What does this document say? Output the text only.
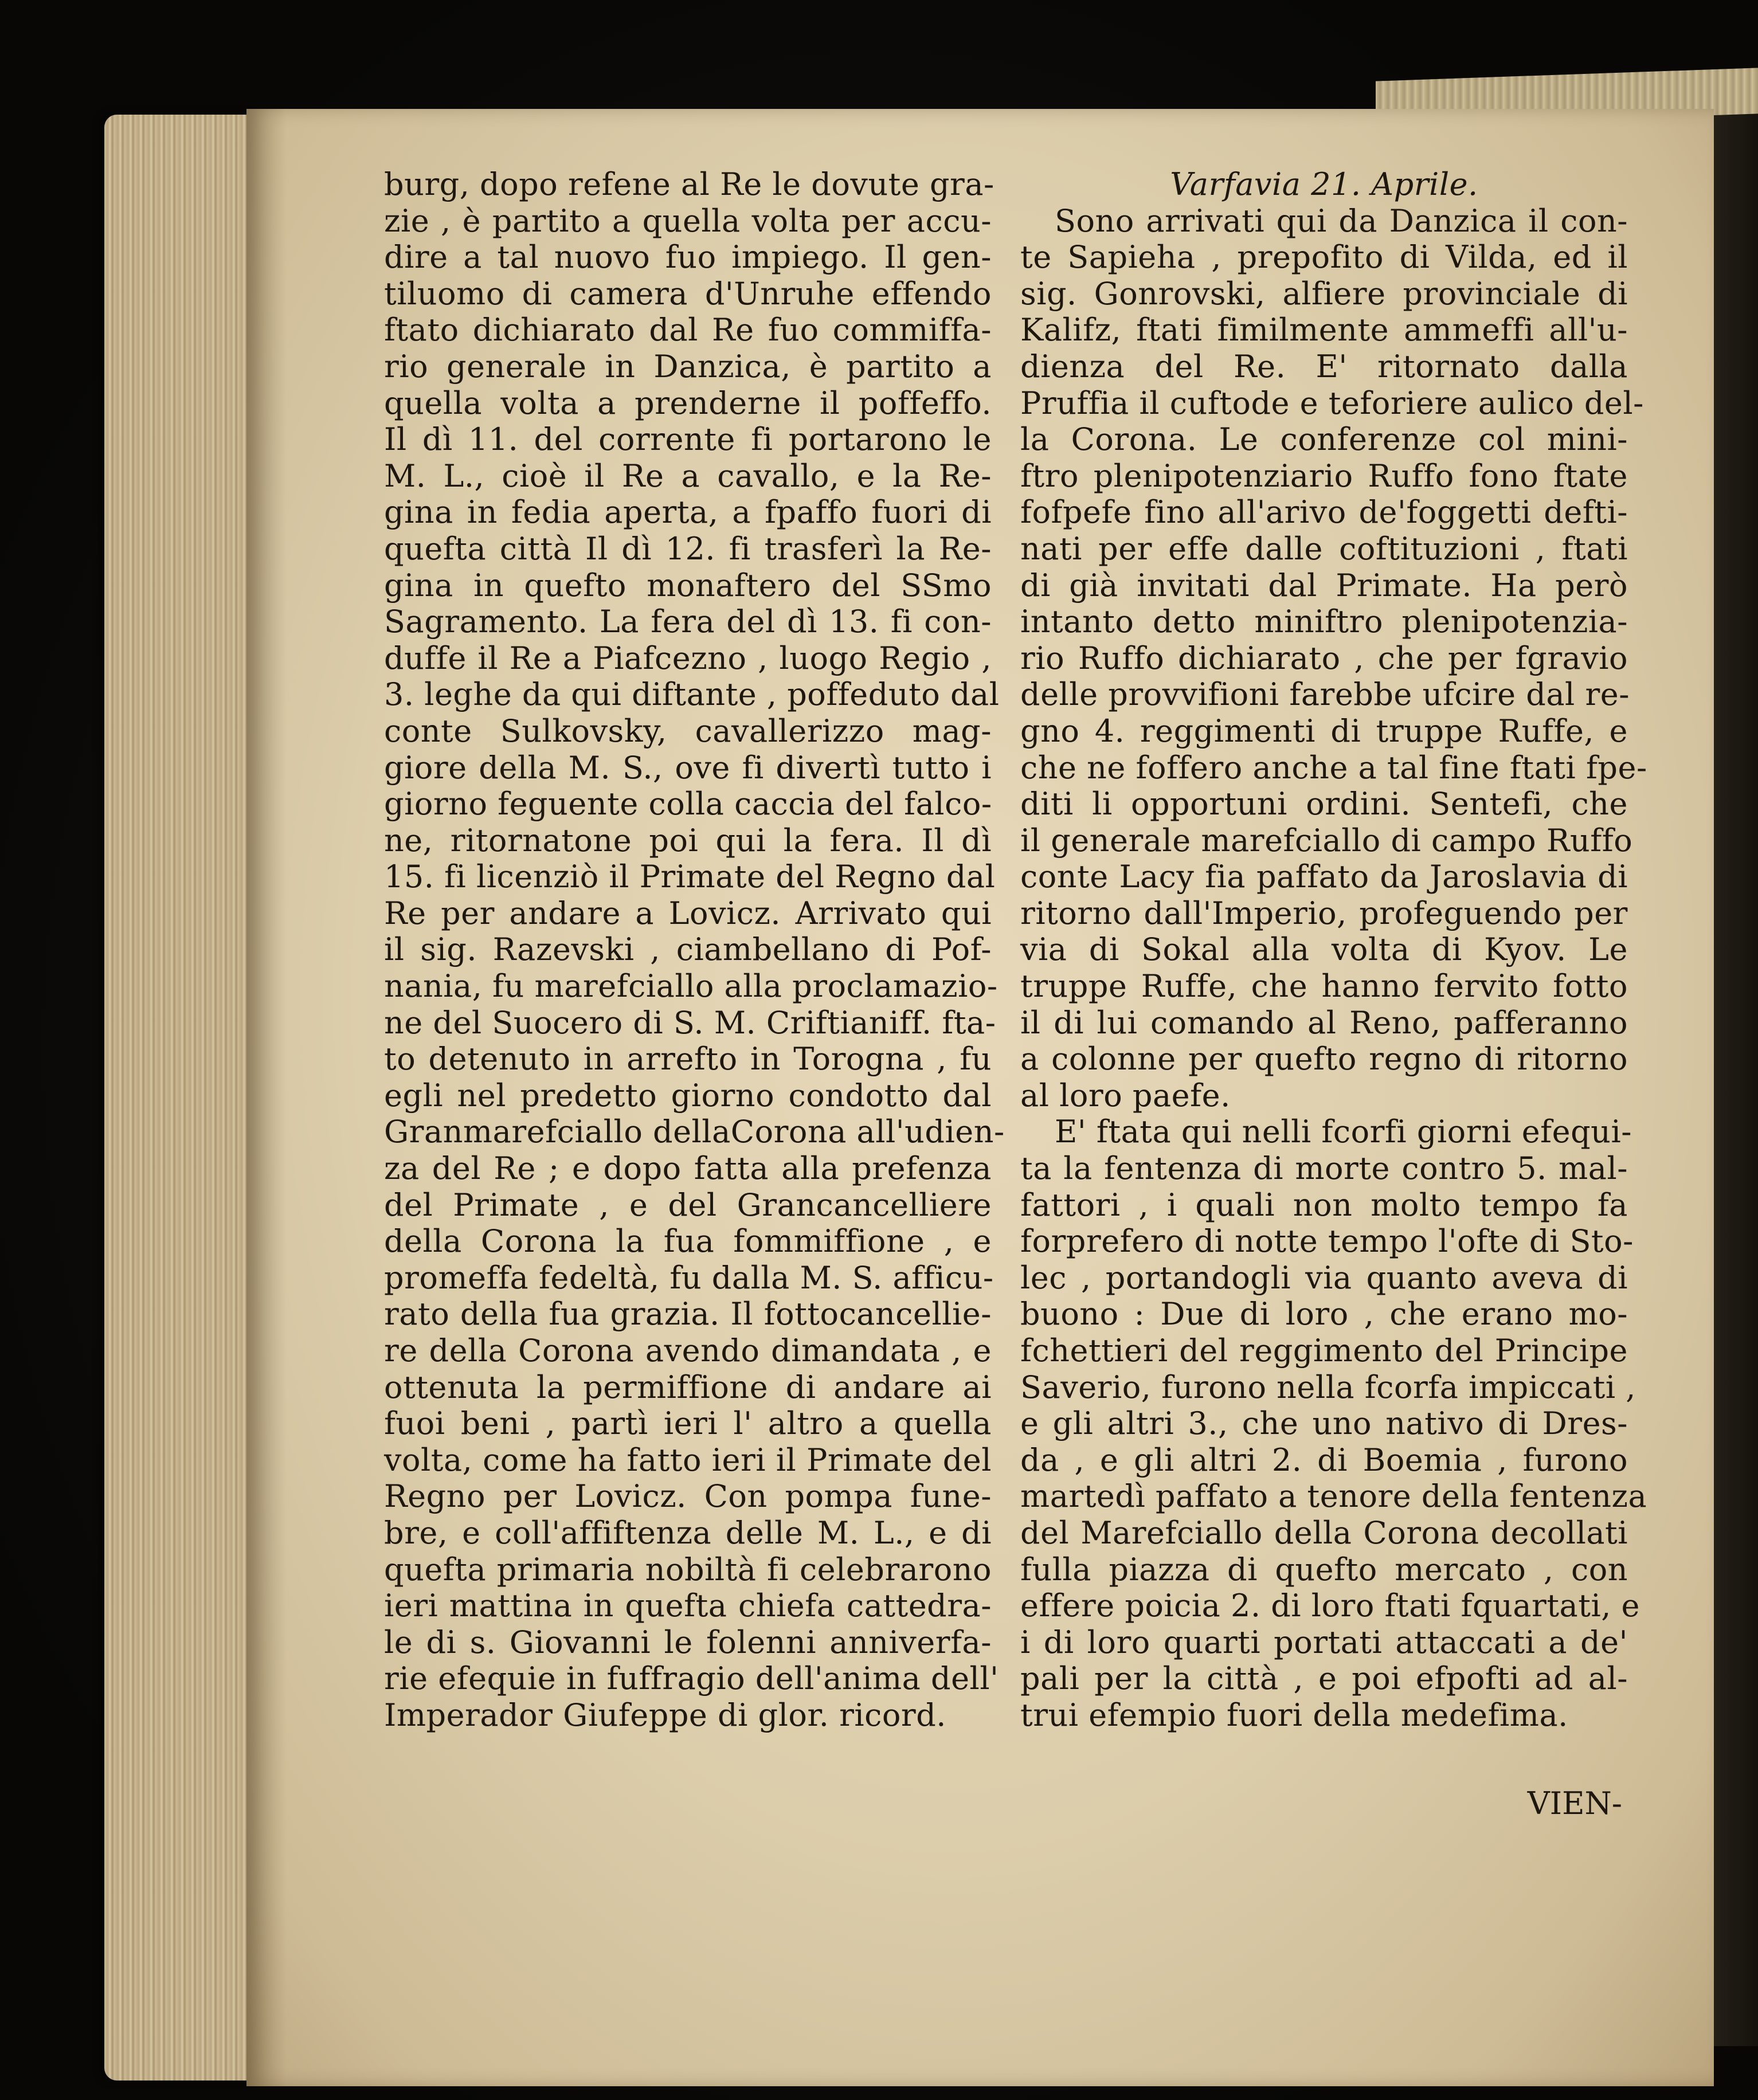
burg, dopo refene al Re le dovute gra-
zie , è partito a quella volta per accu-
dire a tal nuovo fuo impiego. Il gen-
tiluomo di camera d'Unruhe effendo
ftato dichiarato dal Re fuo commiffa-
rio generale in Danzica, è partito a
quella volta a prenderne il poffeffo.
Il dì 11. del corrente fi portarono le
M. L., cioè il Re a cavallo, e la Re-
gina in fedia aperta, a fpaffo fuori di
quefta città Il dì 12. fi trasferì la Re-
gina in quefto monaftero del SSmo
Sagramento. La fera del dì 13. fi con-
duffe il Re a Piafcezno , luogo Regio ,
3. leghe da qui diftante , poffeduto dal
conte Sulkovsky, cavallerizzo mag-
giore della M. S., ove fi divertì tutto i
giorno feguente colla caccia del falco-
ne, ritornatone poi qui la fera. Il dì
15. fi licenziò il Primate del Regno dal
Re per andare a Lovicz. Arrivato qui
il sig. Razevski , ciambellano di Pof-
nania, fu marefciallo alla proclamazio-
ne del Suocero di S. M. Criftianiff. fta-
to detenuto in arrefto in Torogna , fu
egli nel predetto giorno condotto dal
Granmarefciallo dellaCorona all'udien-
za del Re ; e dopo fatta alla prefenza
del Primate , e del Grancancelliere
della Corona la fua fommiffione , e
promeffa fedeltà, fu dalla M. S. afficu-
rato della fua grazia. Il fottocancellie-
re della Corona avendo dimandata , e
ottenuta la permiffione di andare ai
fuoi beni , partì ieri l' altro a quella
volta, come ha fatto ieri il Primate del
Regno per Lovicz. Con pompa fune-
bre, e coll'affiftenza delle M. L., e di
quefta primaria nobiltà fi celebrarono
ieri mattina in quefta chiefa cattedra-
le di s. Giovanni le folenni anniverfa-
rie efequie in fuffragio dell'anima dell'
Imperador Giufeppe di glor. ricord.
Varfavia 21. Aprile.
Sono arrivati qui da Danzica il con-
te Sapieha , prepofito di Vilda, ed il
sig. Gonrovski, alfiere provinciale di
Kalifz, ftati fimilmente ammeffi all'u-
dienza del Re. E' ritornato dalla
Pruffia il cuftode e teforiere aulico del-
la Corona. Le conferenze col mini-
ftro plenipotenziario Ruffo fono ftate
fofpefe fino all'arivo de'foggetti defti-
nati per effe dalle coftituzioni , ftati
di già invitati dal Primate. Ha però
intanto detto miniftro plenipotenzia-
rio Ruffo dichiarato , che per fgravio
delle provvifioni farebbe ufcire dal re-
gno 4. reggimenti di truppe Ruffe, e
che ne foffero anche a tal fine ftati fpe-
diti li opportuni ordini. Sentefi, che
il generale marefciallo di campo Ruffo
conte Lacy fia paffato da Jaroslavia di
ritorno dall'Imperio, profeguendo per
via di Sokal alla volta di Kyov. Le
truppe Ruffe, che hanno fervito fotto
il di lui comando al Reno, pafferanno
a colonne per quefto regno di ritorno
al loro paefe.
E' ftata qui nelli fcorfi giorni efequi-
ta la fentenza di morte contro 5. mal-
fattori , i quali non molto tempo fa
forprefero di notte tempo l'ofte di Sto-
lec , portandogli via quanto aveva di
buono : Due di loro , che erano mo-
fchettieri del reggimento del Principe
Saverio, furono nella fcorfa impiccati ,
e gli altri 3., che uno nativo di Dres-
da , e gli altri 2. di Boemia , furono
martedì paffato a tenore della fentenza
del Marefciallo della Corona decollati
fulla piazza di quefto mercato , con
effere poicia 2. di loro ftati fquartati, e
i di loro quarti portati attaccati a de'
pali per la città , e poi efpofti ad al-
trui efempio fuori della medefima.
VIEN-
